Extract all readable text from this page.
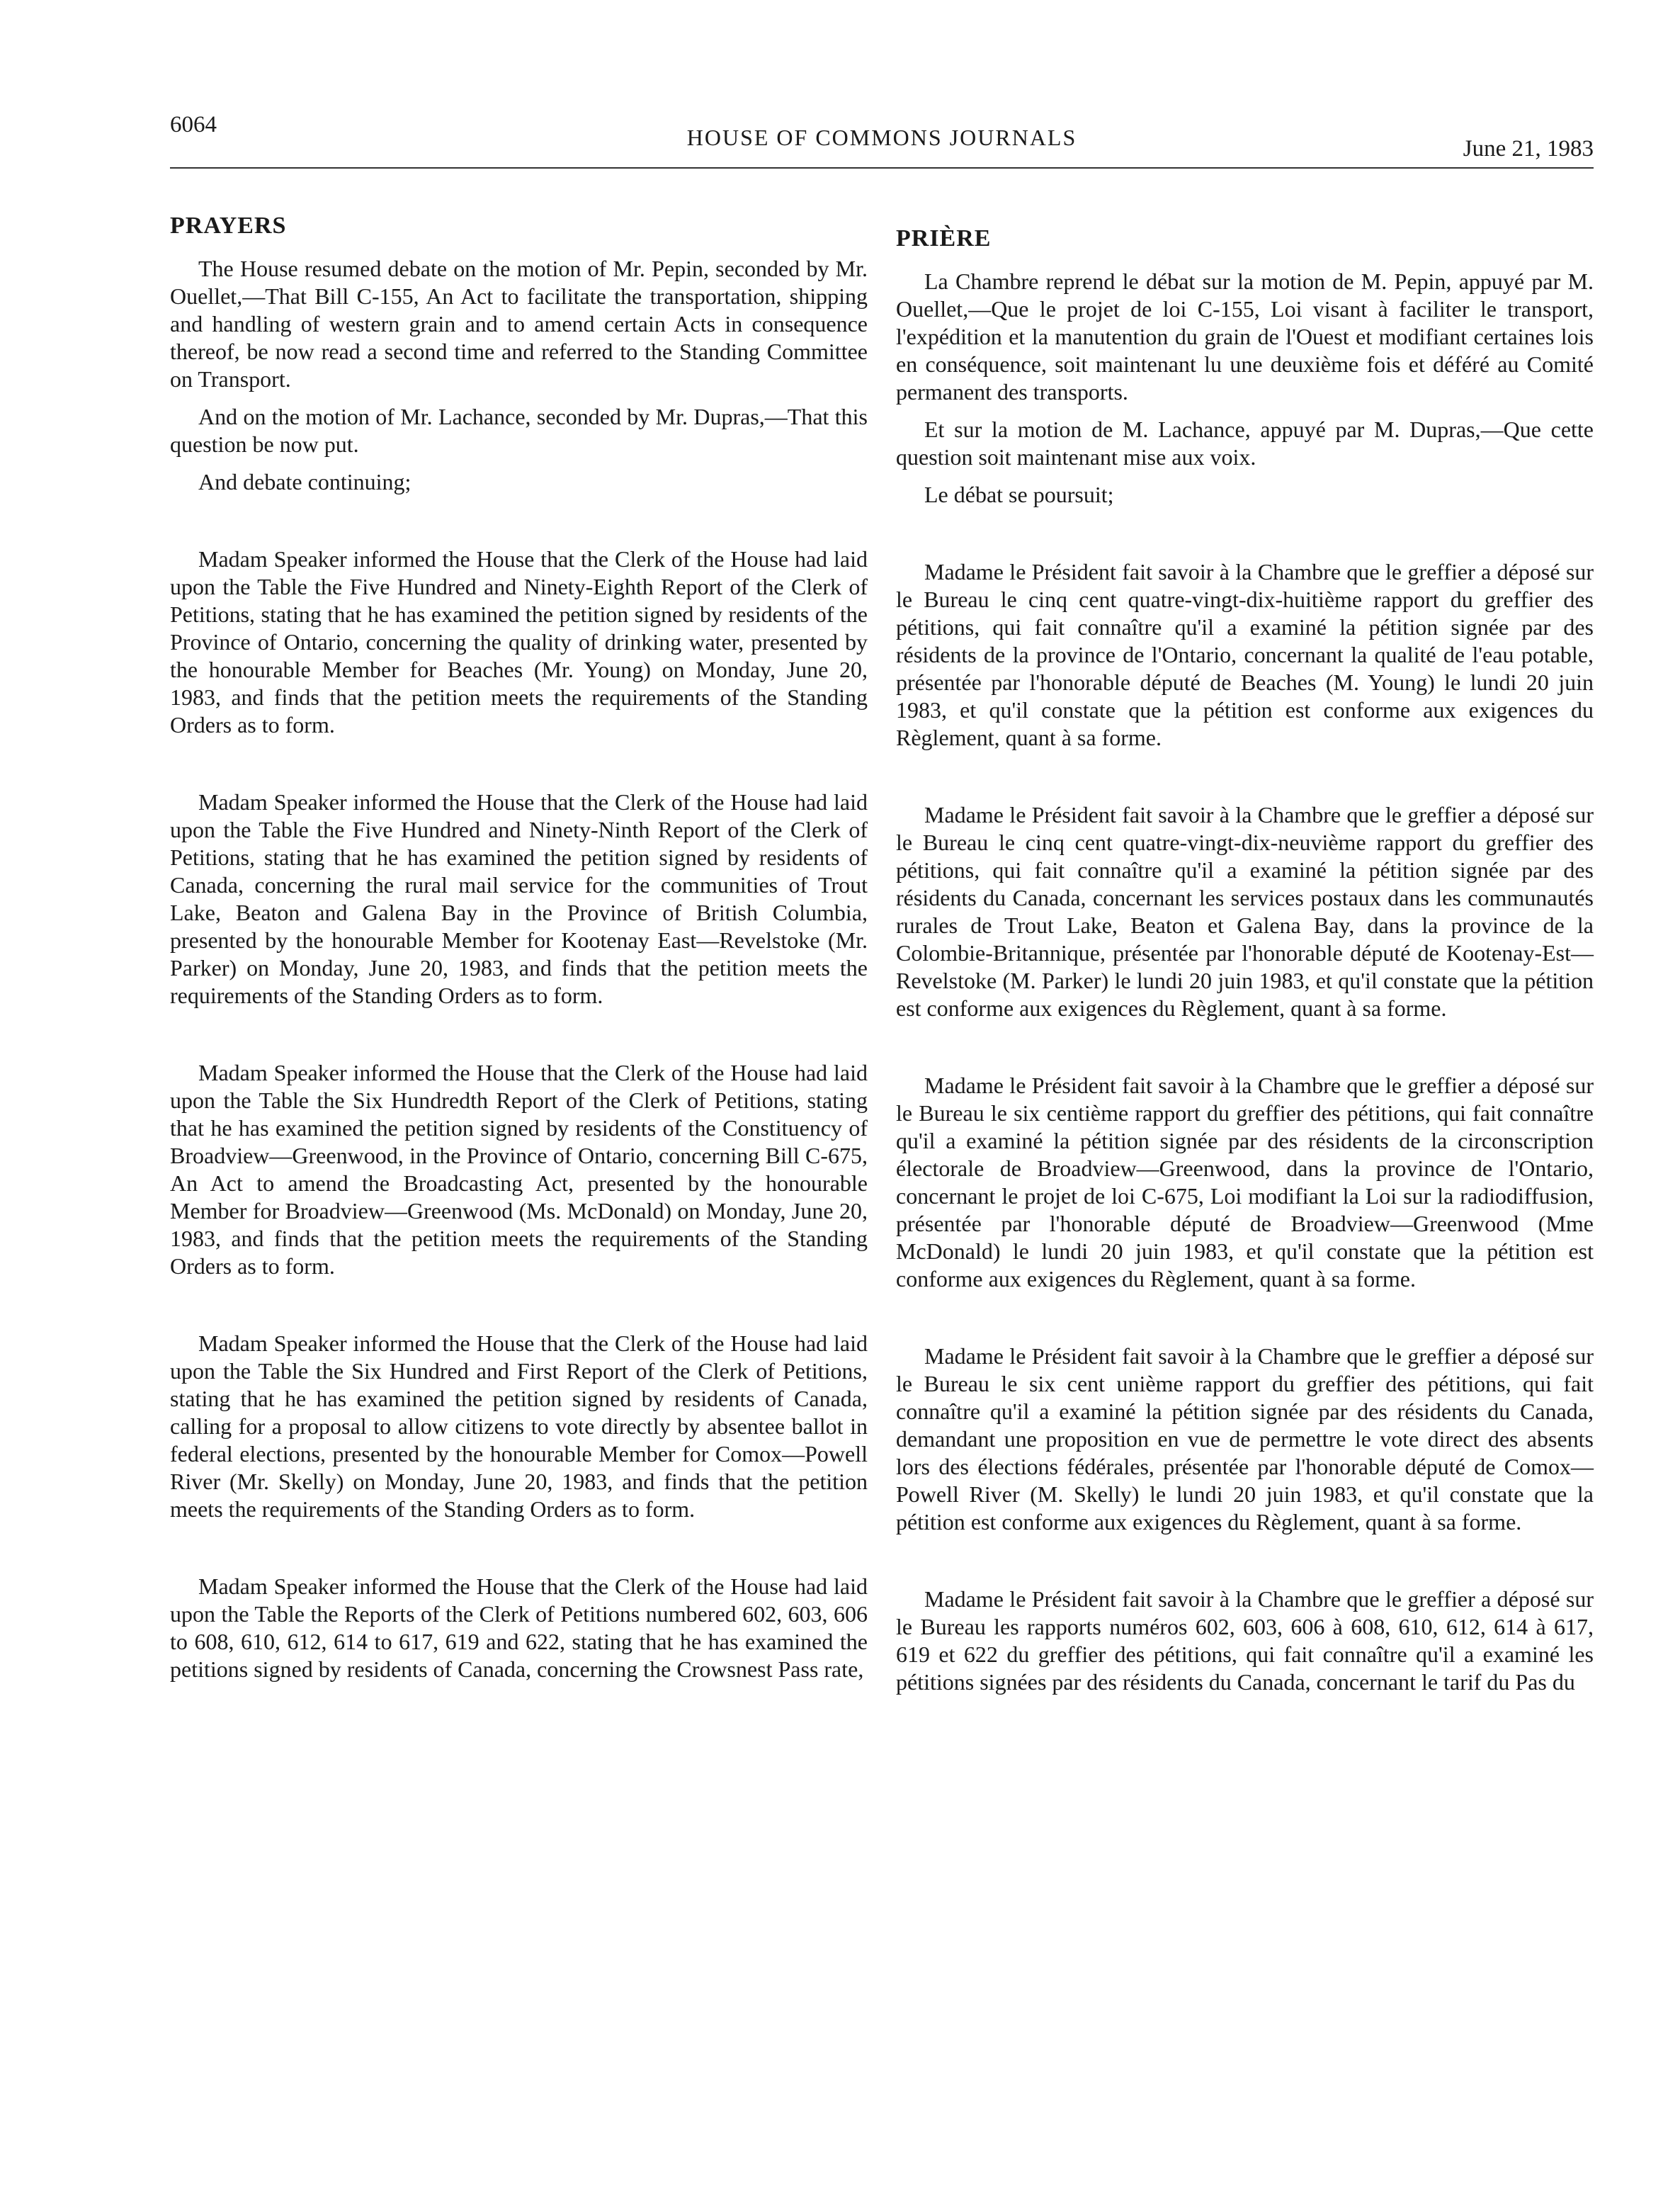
6064	HOUSE OF COMMONS JOURNALS	June 21, 1983
PRAYERS

The House resumed debate on the motion of Mr. Pepin, seconded by Mr. Ouellet,—That Bill C-155, An Act to facilitate the transportation, shipping and handling of western grain and to amend certain Acts in consequence thereof, be now read a second time and referred to the Standing Committee on Transport.

And on the motion of Mr. Lachance, seconded by Mr. Dupras,—That this question be now put.

And debate continuing;

Madam Speaker informed the House that the Clerk of the House had laid upon the Table the Five Hundred and Ninety-Eighth Report of the Clerk of Petitions, stating that he has examined the petition signed by residents of the Province of Ontario, concerning the quality of drinking water, presented by the honourable Member for Beaches (Mr. Young) on Monday, June 20, 1983, and finds that the petition meets the requirements of the Standing Orders as to form.

Madam Speaker informed the House that the Clerk of the House had laid upon the Table the Five Hundred and Ninety-Ninth Report of the Clerk of Petitions, stating that he has examined the petition signed by residents of Canada, concerning the rural mail service for the communities of Trout Lake, Beaton and Galena Bay in the Province of British Columbia, presented by the honourable Member for Kootenay East—Revelstoke (Mr. Parker) on Monday, June 20, 1983, and finds that the petition meets the requirements of the Standing Orders as to form.

Madam Speaker informed the House that the Clerk of the House had laid upon the Table the Six Hundredth Report of the Clerk of Petitions, stating that he has examined the petition signed by residents of the Constituency of Broadview—Greenwood, in the Province of Ontario, concerning Bill C-675, An Act to amend the Broadcasting Act, presented by the honourable Member for Broadview—Greenwood (Ms. McDonald) on Monday, June 20, 1983, and finds that the petition meets the requirements of the Standing Orders as to form.

Madam Speaker informed the House that the Clerk of the House had laid upon the Table the Six Hundred and First Report of the Clerk of Petitions, stating that he has examined the petition signed by residents of Canada, calling for a proposal to allow citizens to vote directly by absentee ballot in federal elections, presented by the honourable Member for Comox—Powell River (Mr. Skelly) on Monday, June 20, 1983, and finds that the petition meets the requirements of the Standing Orders as to form.

Madam Speaker informed the House that the Clerk of the House had laid upon the Table the Reports of the Clerk of Petitions numbered 602, 603, 606 to 608, 610, 612, 614 to 617, 619 and 622, stating that he has examined the petitions signed by residents of Canada, concerning the Crowsnest Pass rate,

PRIÈRE

La Chambre reprend le débat sur la motion de M. Pepin, appuyé par M. Ouellet,—Que le projet de loi C-155, Loi visant à faciliter le transport, l'expédition et la manutention du grain de l'Ouest et modifiant certaines lois en conséquence, soit maintenant lu une deuxième fois et déféré au Comité permanent des transports.

Et sur la motion de M. Lachance, appuyé par M. Dupras,—Que cette question soit maintenant mise aux voix.

Le débat se poursuit;

Madame le Président fait savoir à la Chambre que le greffier a déposé sur le Bureau le cinq cent quatre-vingt-dix-huitième rapport du greffier des pétitions, qui fait connaître qu'il a examiné la pétition signée par des résidents de la province de l'Ontario, concernant la qualité de l'eau potable, présentée par l'honorable député de Beaches (M. Young) le lundi 20 juin 1983, et qu'il constate que la pétition est conforme aux exigences du Règlement, quant à sa forme.

Madame le Président fait savoir à la Chambre que le greffier a déposé sur le Bureau le cinq cent quatre-vingt-dix-neuvième rapport du greffier des pétitions, qui fait connaître qu'il a examiné la pétition signée par des résidents du Canada, concernant les services postaux dans les communautés rurales de Trout Lake, Beaton et Galena Bay, dans la province de la Colombie-Britannique, présentée par l'honorable député de Kootenay-Est—Revelstoke (M. Parker) le lundi 20 juin 1983, et qu'il constate que la pétition est conforme aux exigences du Règlement, quant à sa forme.

Madame le Président fait savoir à la Chambre que le greffier a déposé sur le Bureau le six centième rapport du greffier des pétitions, qui fait connaître qu'il a examiné la pétition signée par des résidents de la circonscription électorale de Broadview—Greenwood, dans la province de l'Ontario, concernant le projet de loi C-675, Loi modifiant la Loi sur la radiodiffusion, présentée par l'honorable député de Broadview—Greenwood (Mme McDonald) le lundi 20 juin 1983, et qu'il constate que la pétition est conforme aux exigences du Règlement, quant à sa forme.

Madame le Président fait savoir à la Chambre que le greffier a déposé sur le Bureau le six cent unième rapport du greffier des pétitions, qui fait connaître qu'il a examiné la pétition signée par des résidents du Canada, demandant une proposition en vue de permettre le vote direct des absents lors des élections fédérales, présentée par l'honorable député de Comox—Powell River (M. Skelly) le lundi 20 juin 1983, et qu'il constate que la pétition est conforme aux exigences du Règlement, quant à sa forme.

Madame le Président fait savoir à la Chambre que le greffier a déposé sur le Bureau les rapports numéros 602, 603, 606 à 608, 610, 612, 614 à 617, 619 et 622 du greffier des pétitions, qui fait connaître qu'il a examiné les pétitions signées par des résidents du Canada, concernant le tarif du Pas du
